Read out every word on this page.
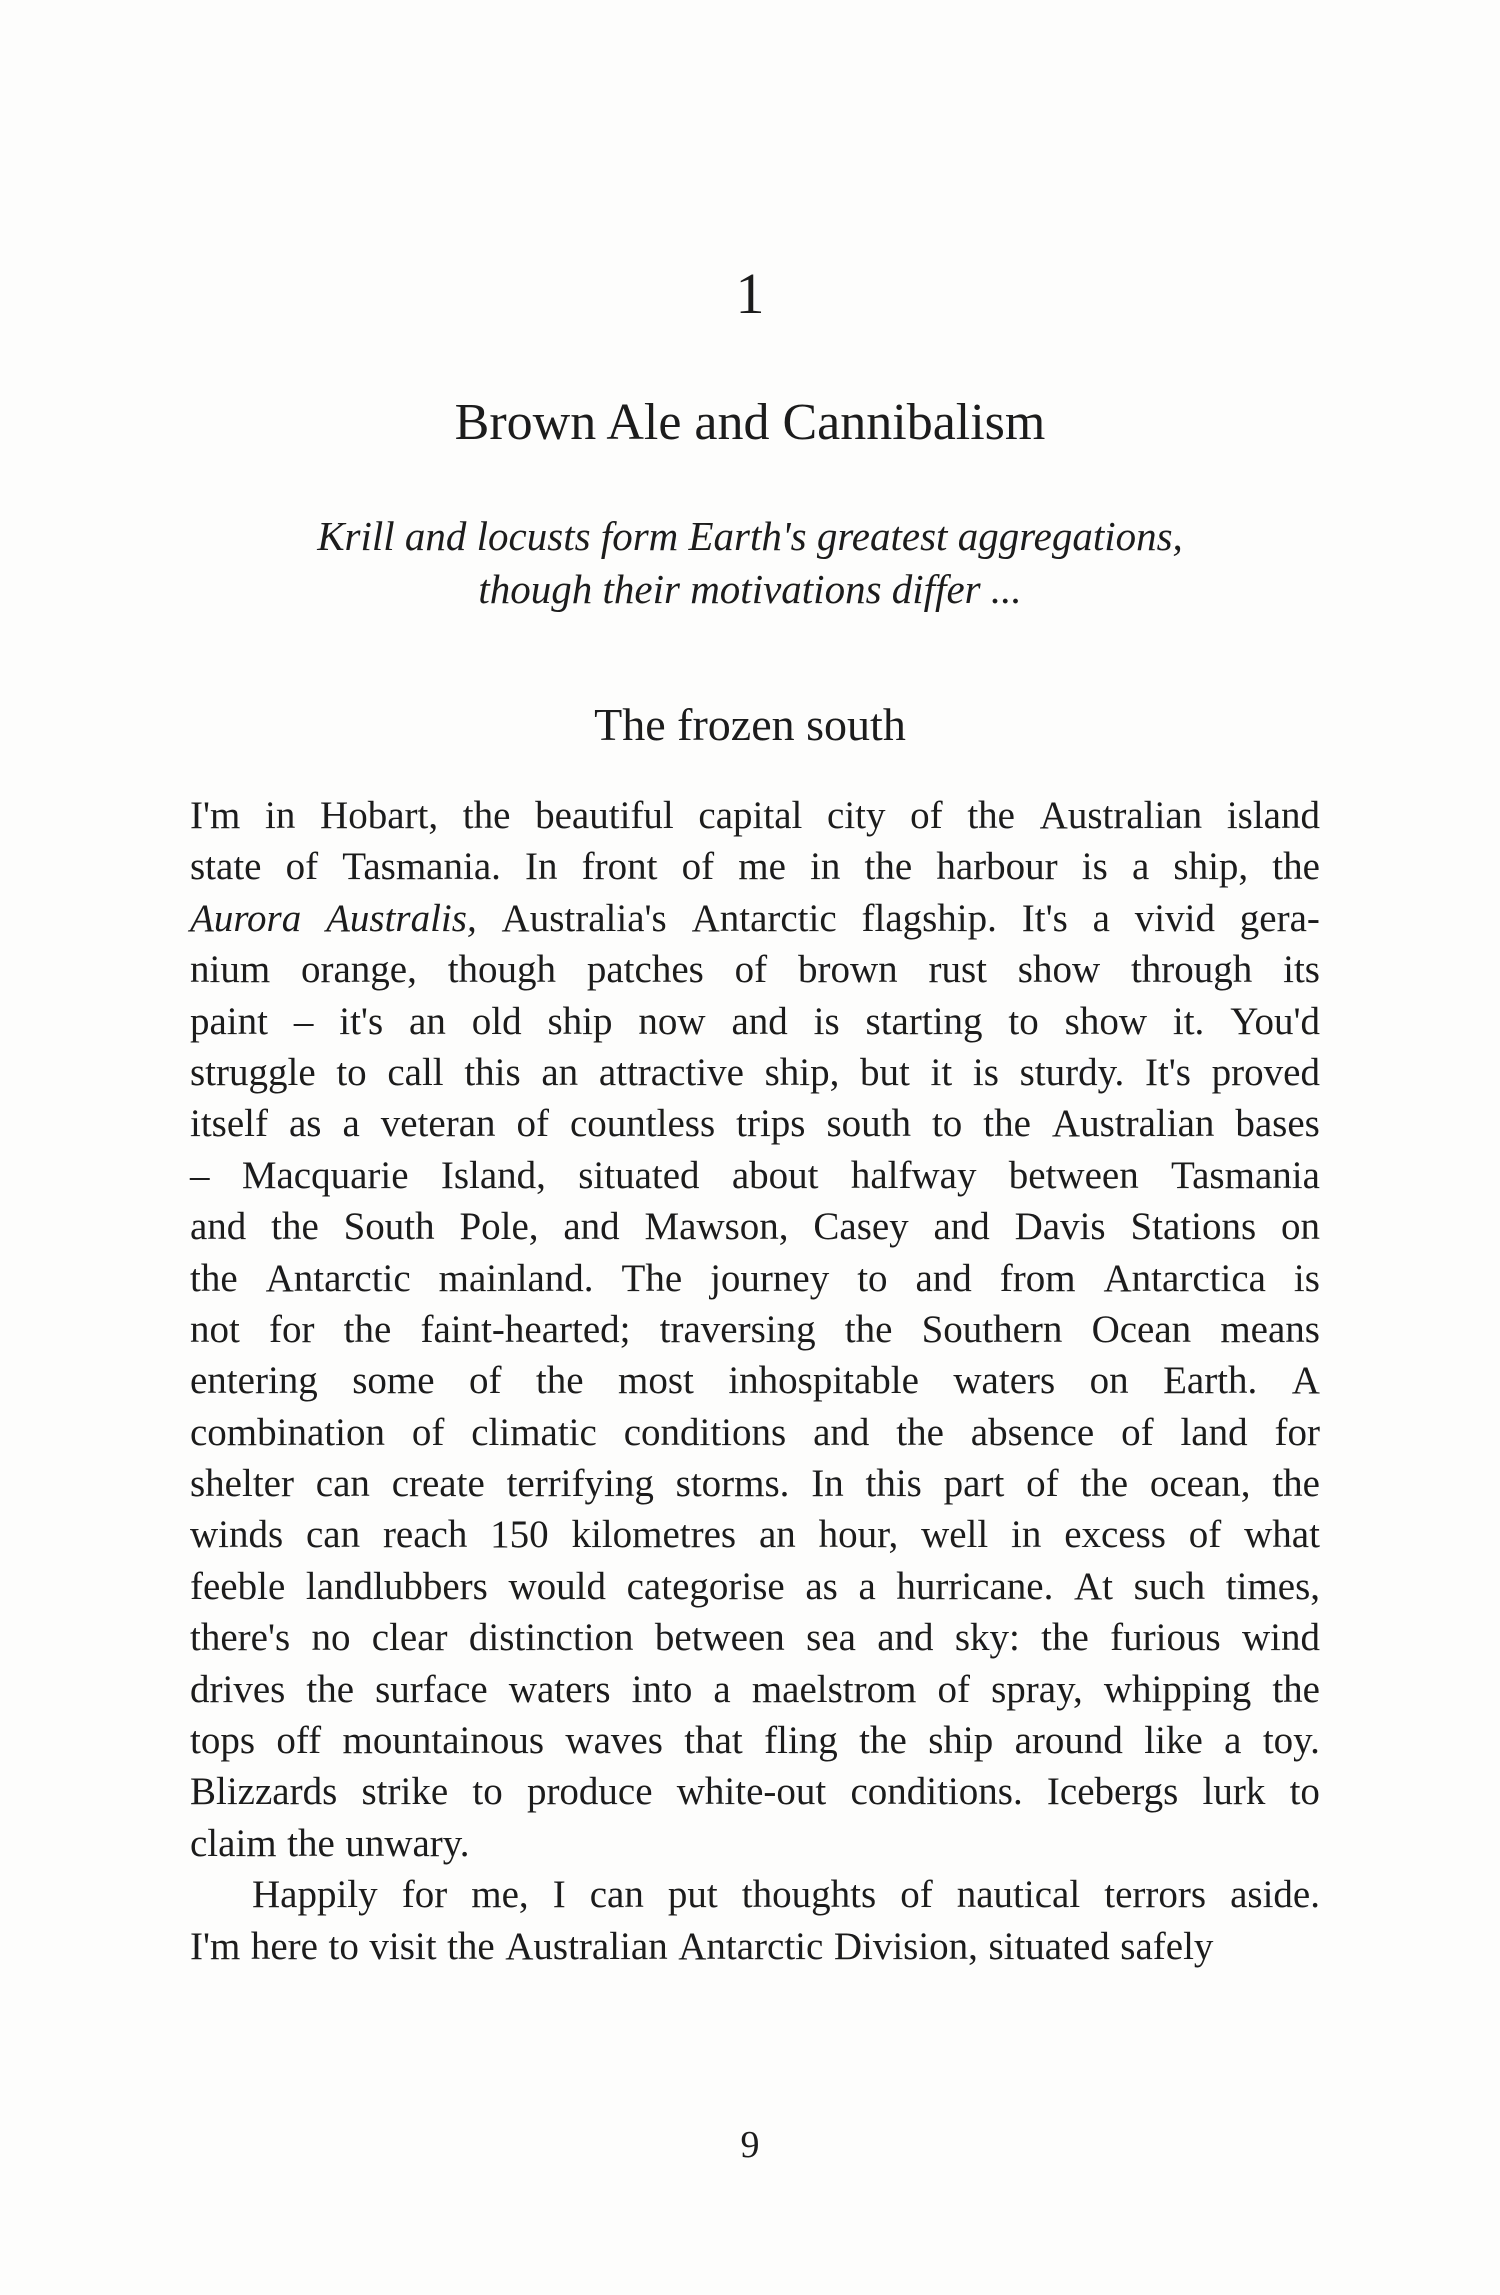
1
Brown Ale and Cannibalism
Krill and locusts form Earth's greatest aggregations,
though their motivations differ ...
The frozen south
I'm in Hobart, the beautiful capital city of the Australian island
state of Tasmania. In front of me in the harbour is a ship, the
Aurora Australis, Australia's Antarctic flagship. It's a vivid gera-
nium orange, though patches of brown rust show through its
paint – it's an old ship now and is starting to show it. You'd
struggle to call this an attractive ship, but it is sturdy. It's proved
itself as a veteran of countless trips south to the Australian bases
– Macquarie Island, situated about halfway between Tasmania
and the South Pole, and Mawson, Casey and Davis Stations on
the Antarctic mainland. The journey to and from Antarctica is
not for the faint-hearted; traversing the Southern Ocean means
entering some of the most inhospitable waters on Earth. A
combination of climatic conditions and the absence of land for
shelter can create terrifying storms. In this part of the ocean, the
winds can reach 150 kilometres an hour, well in excess of what
feeble landlubbers would categorise as a hurricane. At such times,
there's no clear distinction between sea and sky: the furious wind
drives the surface waters into a maelstrom of spray, whipping the
tops off mountainous waves that fling the ship around like a toy.
Blizzards strike to produce white-out conditions. Icebergs lurk to
claim the unwary.
Happily for me, I can put thoughts of nautical terrors aside.
I'm here to visit the Australian Antarctic Division, situated safely
9
